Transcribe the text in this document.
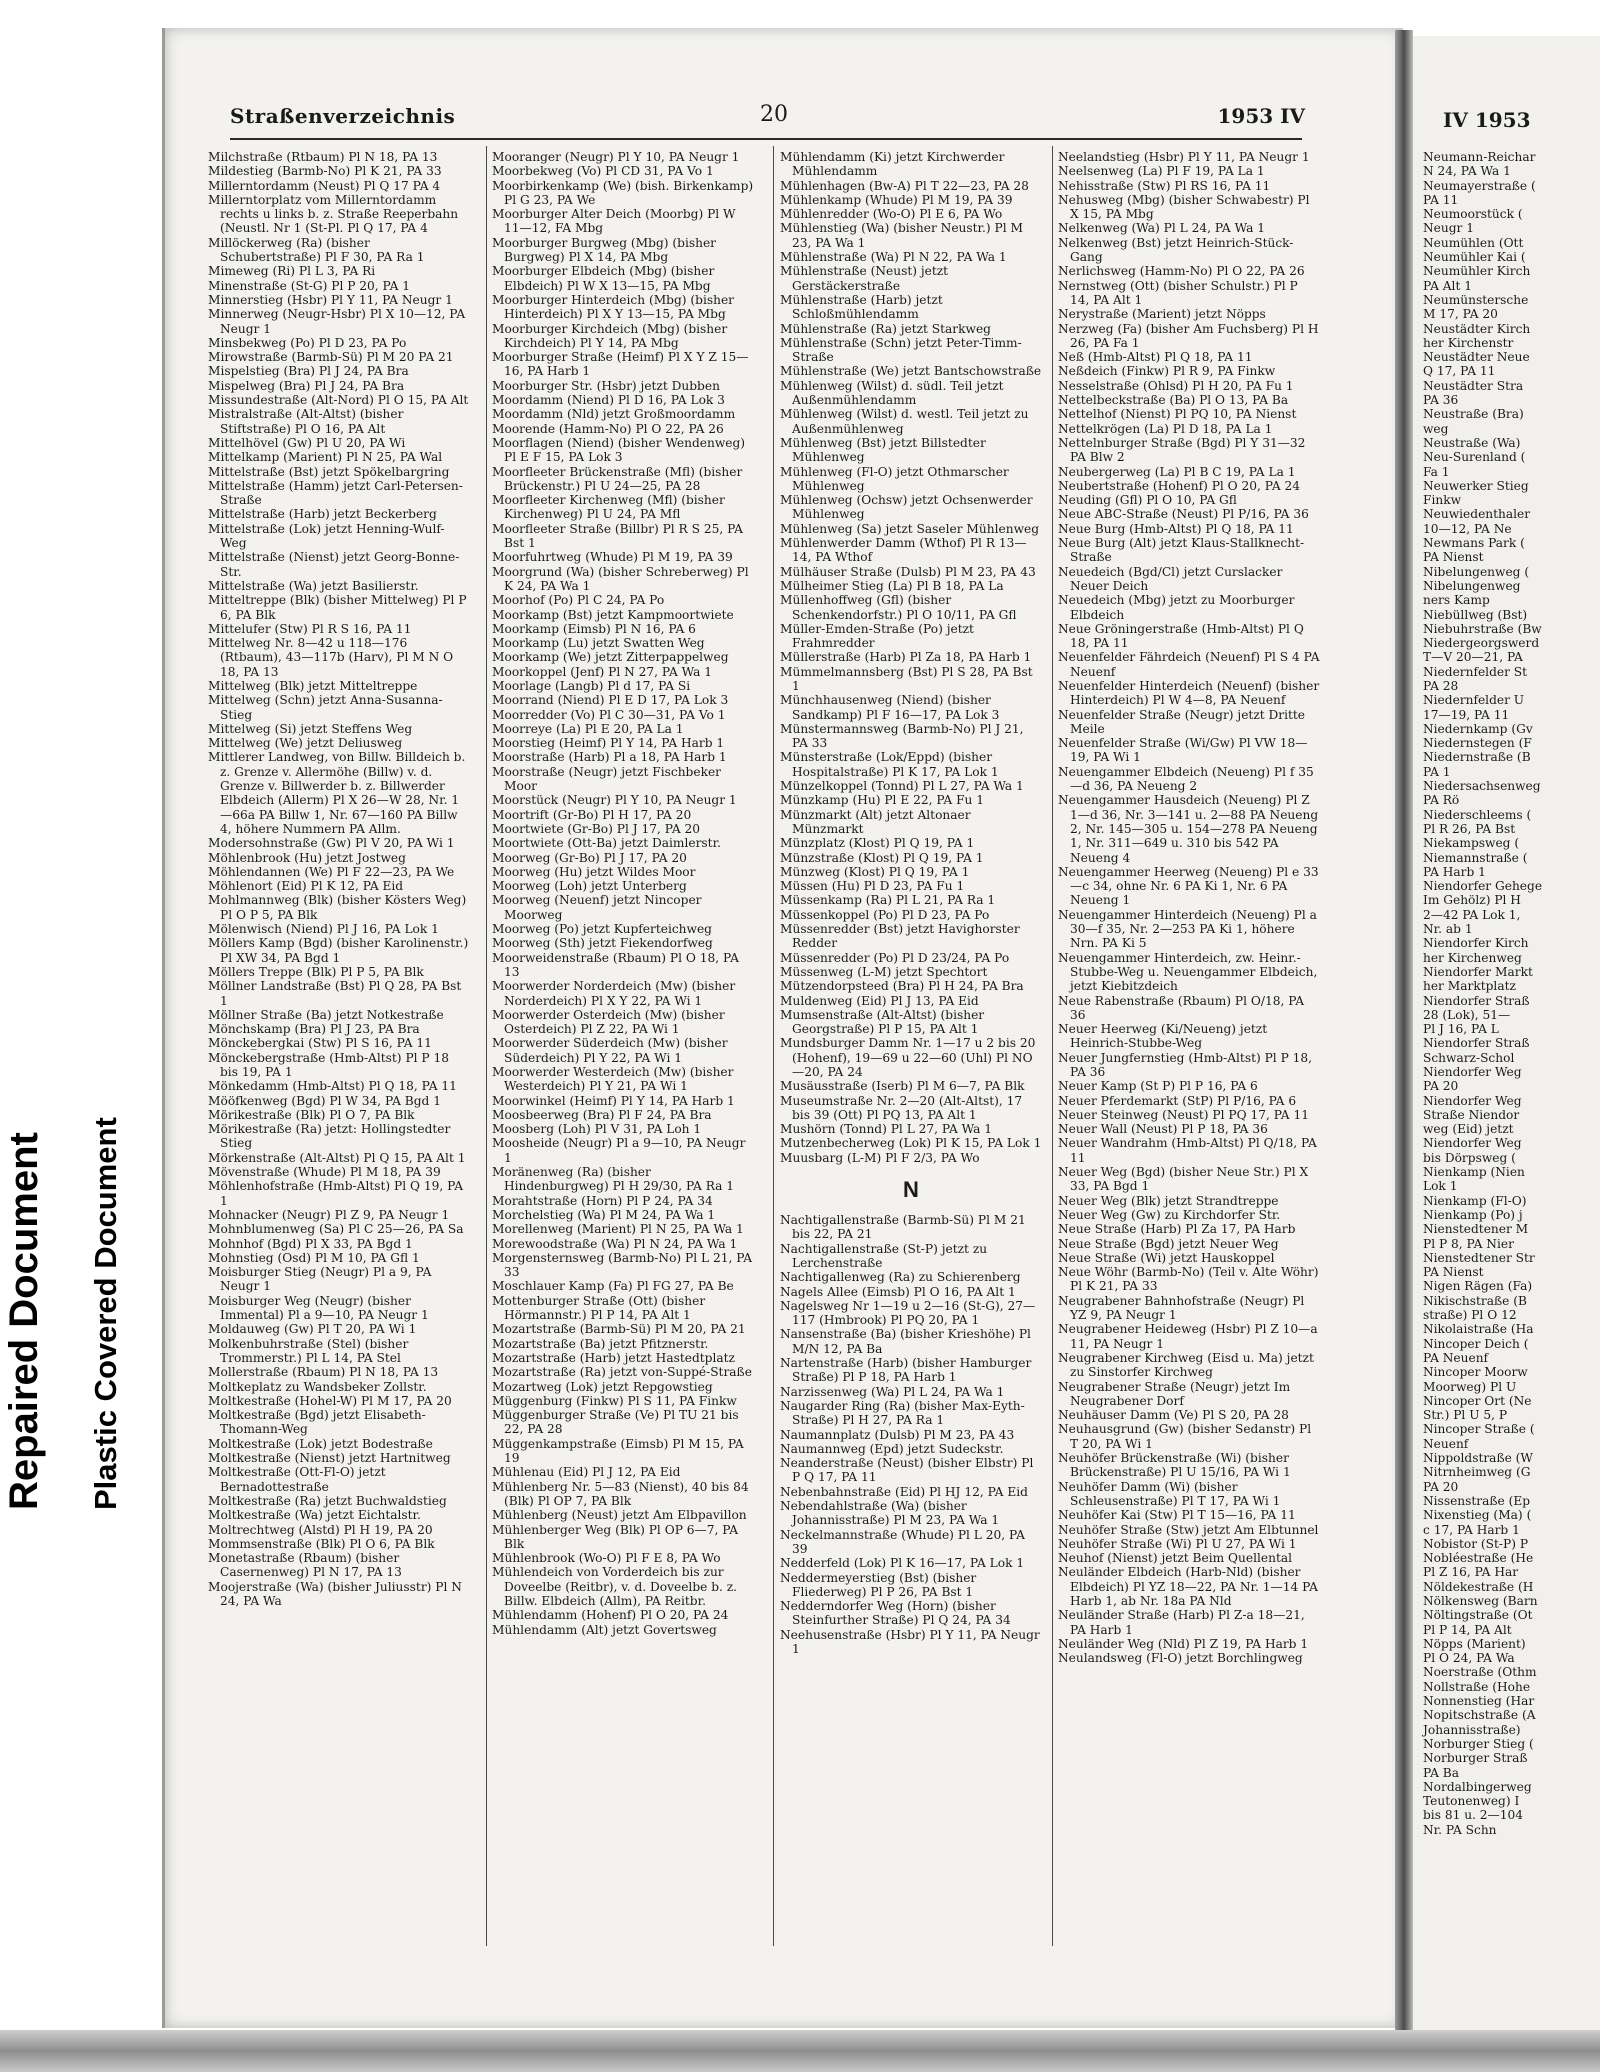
Repaired Document Plastic Covered Document
IV 1953
Neumann-Reichar
N 24, PA Wa 1
Neumayerstraße (
PA 11
Neumoorstück (
Neugr 1
Neumühlen (Ott
Neumühler Kai (
Neumühler Kirch
PA Alt 1
Neumünstersche
M 17, PA 20
Neustädter Kirch
her Kirchenstr
Neustädter Neue
Q 17, PA 11
Neustädter Stra
PA 36
Neustraße (Bra)
weg
Neustraße (Wa)
Neu-Surenland (
Fa 1
Neuwerker Stieg
Finkw
Neuwiedenthaler
10—12, PA Ne
Newmans Park (
PA Nienst
Nibelungenweg (
Nibelungenweg
ners Kamp
Niebüllweg (Bst)
Niebuhrstraße (Bw
Niedergeorgswerd
T—V 20—21, PA
Niedernfelder St
PA 28
Niedernfelder U
17—19, PA 11
Niedernkamp (Gv
Niedernstegen (F
Niedernstraße (B
PA 1
Niedersachsenweg
PA Rö
Niederschleems (
Pl R 26, PA Bst
Niekampsweg (
Niemannstraße (
PA Harb 1
Niendorfer Gehege
Im Gehölz) Pl H
2—42 PA Lok 1,
Nr. ab 1
Niendorfer Kirch
her Kirchenweg
Niendorfer Markt
her Marktplatz
Niendorfer Straß
28 (Lok), 51—
Pl J 16, PA L
Niendorfer Straß
Schwarz-Schol
Niendorfer Weg
PA 20
Niendorfer Weg
Straße Niendor
weg (Eid) jetzt
Niendorfer Weg
bis Dörpsweg (
Nienkamp (Nien
Lok 1
Nienkamp (Fl-O)
Nienkamp (Po) j
Nienstedtener M
Pl P 8, PA Nier
Nienstedtener Str
PA Nienst
Nigen Rägen (Fa)
Nikischstraße (B
straße) Pl O 12
Nikolaistraße (Ha
Nincoper Deich (
PA Neuenf
Nincoper Moorw
Moorweg) Pl U
Nincoper Ort (Ne
Str.) Pl U 5, P
Nincoper Straße (
Neuenf
Nippoldstraße (W
Nitrnheimweg (G
PA 20
Nissenstraße (Ep
Nixenstieg (Ma) (
c 17, PA Harb 1
Nobistor (St-P) P
Nobléestraße (He
Pl Z 16, PA Har
Nöldekestraße (H
Nölkensweg (Barn
Nöltingstraße (Ot
Pl P 14, PA Alt
Nöpps (Marient)
Pl O 24, PA Wa
Noerstraße (Othm
Nollstraße (Hohe
Nonnenstieg (Har
Nopitschstraße (A
Johannisstraße)
Norburger Stieg (
Norburger Straß
PA Ba
Nordalbingerweg
Teutonenweg) I
bis 81 u. 2—104
Nr. PA Schn
Straßenverzeichnis	20	1953 IV
Milchstraße (Rtbaum) Pl N 18, PA 13
Mildestieg (Barmb-No) Pl K 21, PA 33
Millerntordamm (Neust) Pl Q 17 PA 4
Millerntorplatz vom Millerntordamm rechts u links b. z. Straße Reeperbahn (Neustl. Nr 1 (St-Pl. Pl Q 17, PA 4
Millöckerweg (Ra) (bisher Schubertstraße) Pl F 30, PA Ra 1
Mimeweg (Ri) Pl L 3, PA Ri
Minenstraße (St-G) Pl P 20, PA 1
Minnerstieg (Hsbr) Pl Y 11, PA Neugr 1
Minnerweg (Neugr-Hsbr) Pl X 10—12, PA Neugr 1
Minsbekweg (Po) Pl D 23, PA Po
Mirowstraße (Barmb-Sü) Pl M 20 PA 21
Mispelstieg (Bra) Pl J 24, PA Bra
Mispelweg (Bra) Pl J 24, PA Bra
Missundestraße (Alt-Nord) Pl O 15, PA Alt
Mistralstraße (Alt-Altst) (bisher Stiftstraße) Pl O 16, PA Alt
Mittelhövel (Gw) Pl U 20, PA Wi
Mittelkamp (Marient) Pl N 25, PA Wal
Mittelstraße (Bst) jetzt Spökelbargring
Mittelstraße (Hamm) jetzt Carl-Petersen-Straße
Mittelstraße (Harb) jetzt Beckerberg
Mittelstraße (Lok) jetzt Henning-Wulf-Weg
Mittelstraße (Nienst) jetzt Georg-Bonne-Str.
Mittelstraße (Wa) jetzt Basilierstr.
Mitteltreppe (Blk) (bisher Mittelweg) Pl P 6, PA Blk
Mittelufer (Stw) Pl R S 16, PA 11
Mittelweg Nr. 8—42 u 118—176 (Rtbaum), 43—117b (Harv), Pl M N O 18, PA 13
Mittelweg (Blk) jetzt Mitteltreppe
Mittelweg (Schn) jetzt Anna-Susanna-Stieg
Mittelweg (Si) jetzt Steffens Weg
Mittelweg (We) jetzt Deliusweg
Mittlerer Landweg, von Billw. Billdeich b. z. Grenze v. Allermöhe (Billw) v. d. Grenze v. Billwerder b. z. Billwerder Elbdeich (Allerm) Pl X 26—W 28, Nr. 1—66a PA Billw 1, Nr. 67—160 PA Billw 4, höhere Nummern PA Allm.
Modersohnstraße (Gw) Pl V 20, PA Wi 1
Möhlenbrook (Hu) jetzt Jostweg
Möhlendannen (We) Pl F 22—23, PA We
Möhlenort (Eid) Pl K 12, PA Eid
Mohlmannweg (Blk) (bisher Kösters Weg) Pl O P 5, PA Blk
Mölenwisch (Niend) Pl J 16, PA Lok 1
Möllers Kamp (Bgd) (bisher Karolinenstr.) Pl XW 34, PA Bgd 1
Möllers Treppe (Blk) Pl P 5, PA Blk
Möllner Landstraße (Bst) Pl Q 28, PA Bst 1
Möllner Straße (Ba) jetzt Notkestraße
Mönchskamp (Bra) Pl J 23, PA Bra
Möncke̲bergkai (Stw) Pl S 16, PA 11
Mönckebergstraße (Hmb-Altst) Pl P 18 bis 19, PA 1
Mönkedamm (Hmb-Altst) Pl Q 18, PA 11
Mööfkenweg (Bgd) Pl W 34, PA Bgd 1
Mörikestraße (Blk) Pl O 7, PA Blk
Mörikestraße (Ra) jetzt: Hollingstedter Stieg
Mörkenstraße (Alt-Altst) Pl Q 15, PA Alt 1
Mövenstraße (Whude) Pl M 18, PA 39
Möhlenhofstraße (Hmb-Altst) Pl Q 19, PA 1
Mohnacker (Neugr) Pl Z 9, PA Neugr 1
Mohnblumenweg (Sa) Pl C 25—26, PA Sa
Mohnhof (Bgd) Pl X 33, PA Bgd 1
Mohnstieg (Osd) Pl M 10, PA Gfl 1
Moisburger Stieg (Neugr) Pl a 9, PA Neugr 1
Moisburger Weg (Neugr) (bisher Immental) Pl a 9—10, PA Neugr 1
Moldauweg (Gw) Pl T 20, PA Wi 1
Molkenbuhrstraße (Stel) (bisher Trommerstr.) Pl L 14, PA Stel
Mollerstraße (Rbaum) Pl N 18, PA 13
Moltkeplatz zu Wandsbeker Zollstr.
Moltkestraße (Hohel-W) Pl M 17, PA 20
Moltkestraße (Bgd) jetzt Elisabeth-Thomann-Weg
Moltkestraße (Lok) jetzt Bodestraße
Moltkestraße (Nienst) jetzt Hartnitweg
Moltkestraße (Ott-Fl-O) jetzt Bernadottestraße
Moltkestraße (Ra) jetzt Buchwaldstieg
Moltkestraße (Wa) jetzt Eichtalstr.
Moltrechtweg (Alstd) Pl H 19, PA 20
Mommsenstraße (Blk) Pl O 6, PA Blk
Monetastraße (Rbaum) (bisher Casernenweg) Pl N 17, PA 13
Moojerstraße (Wa) (bisher Juliusstr) Pl N 24, PA Wa
Mooranger (Neugr) Pl Y 10, PA Neugr 1
Moorbekweg (Vo) Pl CD 31, PA Vo 1
Moorbirkenkamp (We) (bish. Birkenkamp) Pl G 23, PA We
Moorburger Alter Deich (Moorbg) Pl W 11—12, FA Mbg
Moorburger Burgweg (Mbg) (bisher Burgweg) Pl X 14, PA Mbg
Moorburger Elbdeich (Mbg) (bisher Elbdeich) Pl W X 13—15, PA Mbg
Moorburger Hinterdeich (Mbg) (bisher Hinterdeich) Pl X Y 13—15, PA Mbg
Moorburger Kirchdeich (Mbg) (bisher Kirchdeich) Pl Y 14, PA Mbg
Moorburger Straße (Heimf) Pl X Y Z 15—16, PA Harb 1
Moorburger Str. (Hsbr) jetzt Dubben
Moordamm (Niend) Pl D 16, PA Lok 3
Moordamm (Nld) jetzt Großmoordamm
Moorende (Hamm-No) Pl O 22, PA 26
Moorflagen (Niend) (bisher Wendenweg) Pl E F 15, PA Lok 3
Moorfleeter Brückenstraße (Mfl) (bisher Brückenstr.) Pl U 24—25, PA 28
Moorfleeter Kirchenweg (Mfl) (bisher Kirchenweg) Pl U 24, PA Mfl
Moorfleeter Straße (Billbr) Pl R S 25, PA Bst 1
Moorfuhrtweg (Whude) Pl M 19, PA 39
Moorgrund (Wa) (bisher Schreberweg) Pl K 24, PA Wa 1
Moorhof (Po) Pl C 24, PA Po
Moorkamp (Bst) jetzt Kampmoortwiete
Moorkamp (Eimsb) Pl N 16, PA 6
Moorkamp (Lu) jetzt Swatten Weg
Moorkamp (We) jetzt Zitterpappelweg
Moorkoppel (Jenf) Pl N 27, PA Wa 1
Moorlage (Langb) Pl d 17, PA Si
Moorrand (Niend) Pl E D 17, PA Lok 3
Moorredder (Vo) Pl C 30—31, PA Vo 1
Moorreye (La) Pl E 20, PA La 1
Moorstieg (Heimf) Pl Y 14, PA Harb 1
Moorstraße (Harb) Pl a 18, PA Harb 1
Moorstraße (Neugr) jetzt Fischbeker Moor
Moorstück (Neugr) Pl Y 10, PA Neugr 1
Moortrift (Gr-Bo) Pl H 17, PA 20
Moortwiete (Gr-Bo) Pl J 17, PA 20
Moortwiete (Ott-Ba) jetzt Daimlerstr.
Moorweg (Gr-Bo) Pl J 17, PA 20
Moorweg (Hu) jetzt Wildes Moor
Moorweg (Loh) jetzt Unterberg
Moorweg (Neuenf) jetzt Nincoper Moorweg
Moorweg (Po) jetzt Kupferteichweg
Moorweg (Sth) jetzt Fiekendorfweg
Moorweidenstraße (Rbaum) Pl O 18, PA 13
Moorwerder Norderdeich (Mw) (bisher Norderdeich) Pl X Y 22, PA Wi 1
Moorwerder Osterdeich (Mw) (bisher Osterdeich) Pl Z 22, PA Wi 1
Moorwerder Süderdeich (Mw) (bisher Süderdeich) Pl Y 22, PA Wi 1
Moorwerder Westerdeich (Mw) (bisher Westerdeich) Pl Y 21, PA Wi 1
Moorwinkel (Heimf) Pl Y 14, PA Harb 1
Moosbeerweg (Bra) Pl F 24, PA Bra
Moosberg (Loh) Pl V 31, PA Loh 1
Moosheide (Neugr) Pl a 9—10, PA Neugr 1
Moränenweg (Ra) (bisher Hindenburgweg) Pl H 29/30, PA Ra 1
Morahtstraße (Horn) Pl P 24, PA 34
Morchelstieg (Wa) Pl M 24, PA Wa 1
Morellenweg (Marient) Pl N 25, PA Wa 1
Morewoodstraße (Wa) Pl N 24, PA Wa 1
Morgensternsweg (Barmb-No) Pl L 21, PA 33
Moschlauer Kamp (Fa) Pl FG 27, PA Be
Mottenburger Straße (Ott) (bisher Hörmannstr.) Pl P 14, PA Alt 1
Mozartstraße (Barmb-Sü) Pl M 20, PA 21
Mozartstraße (Ba) jetzt Pfitznerstr.
Mozartstraße (Harb) jetzt Hastedtplatz
Mozartstraße (Ra) jetzt von-Suppé-Straße
Mozartweg (Lok) jetzt Repgowstieg
Müggenburg (Finkw) Pl S 11, PA Finkw
Müggenburger Straße (Ve) Pl TU 21 bis 22, PA 28
Müggenkampstraße (Eimsb) Pl M 15, PA 19
Mühlenau (Eid) Pl J 12, PA Eid
Mühlenberg Nr. 5—83 (Nienst), 40 bis 84 (Blk) Pl OP 7, PA Blk
Mühlenberg (Neust) jetzt Am Elbpavillon
Mühlenberger Weg (Blk) Pl OP 6—7, PA Blk
Mühlenbrook (Wo-O) Pl F E 8, PA Wo
Mühlendeich von Vorderdeich bis zur Doveelbe (Reitbr), v. d. Doveelbe b. z. Billw. Elbdeich (Allm), PA Reitbr.
Mühlendamm (Hohenf) Pl O 20, PA 24
Mühlendamm (Alt) jetzt Govertsweg
Mühlendamm (Ki) jetzt Kirchwerder Mühlendamm
Mühlenhagen (Bw-A) Pl T 22—23, PA 28
Mühlenkamp (Whude) Pl M 19, PA 39
Mühlenredder (Wo-O) Pl E 6, PA Wo
Mühlenstieg (Wa) (bisher Neustr.) Pl M 23, PA Wa 1
Mühlenstraße (Wa) Pl N 22, PA Wa 1
Mühlenstraße (Neust) jetzt Gerstäckerstraße
Mühlenstraße (Harb) jetzt Schloßmühlendamm
Mühlenstraße (Ra) jetzt Starkweg
Mühlenstraße (Schn) jetzt Peter-Timm-Straße
Mühlenstraße (We) jetzt Bantschowstraße
Mühlenweg (Wilst) d. südl. Teil jetzt Außenmühlendamm
Mühlenweg (Wilst) d. westl. Teil jetzt zu Außenmühlenweg
Mühlenweg (Bst) jetzt Billstedter Mühlenweg
Mühlenweg (Fl-O) jetzt Othmarscher Mühlenweg
Mühlenweg (Ochsw) jetzt Ochsenwerder Mühlenweg
Mühlenweg (Sa) jetzt Saseler Mühlenweg
Mühlenwerder Damm (Wthof) Pl R 13—14, PA Wthof
Mülhäuser Straße (Dulsb) Pl M 23, PA 43
Mülheimer Stieg (La) Pl B 18, PA La
Müllenhoffweg (Gfl) (bisher Schenkendorfstr.) Pl O 10/11, PA Gfl
Müller-Emden-Straße (Po) jetzt Frahmredder
Müllerstraße (Harb) Pl Za 18, PA Harb 1
Mümmelmannsberg (Bst) Pl S 28, PA Bst 1
Münchhausenweg (Niend) (bisher Sandkamp) Pl F 16—17, PA Lok 3
Münstermannsweg (Barmb-No) Pl J 21, PA 33
Münsterstraße (Lok/Eppd) (bisher Hospitalstraße) Pl K 17, PA Lok 1
Münzelkoppel (Tonnd) Pl L 27, PA Wa 1
Münzkamp (Hu) Pl E 22, PA Fu 1
Münzmarkt (Alt) jetzt Altonaer Münzmarkt
Münzplatz (Klost) Pl Q 19, PA 1
Münzstraße (Klost) Pl Q 19, PA 1
Münzweg (Klost) Pl Q 19, PA 1
Müssen (Hu) Pl D 23, PA Fu 1
Müssenkamp (Ra) Pl L 21, PA Ra 1
Müssenkoppel (Po) Pl D 23, PA Po
Müssenredder (Bst) jetzt Havighorster Redder
Müssenredder (Po) Pl D 23/24, PA Po
Müssenweg (L-M) jetzt Spechtort
Mützendorpsteed (Bra) Pl H 24, PA Bra
Muldenweg (Eid) Pl J 13, PA Eid
Mumsenstraße (Alt-Altst) (bisher Georgstraße) Pl P 15, PA Alt 1
Mundsburger Damm Nr. 1—17 u 2 bis 20 (Hohenf), 19—69 u 22—60 (Uhl) Pl NO —20, PA 24
Musäusstraße (Iserb) Pl M 6—7, PA Blk
Museumstraße Nr. 2—20 (Alt-Altst), 17 bis 39 (Ott) Pl PQ 13, PA Alt 1
Mushörn (Tonnd) Pl L 27, PA Wa 1
Mutzenbecherweg (Lok) Pl K 15, PA Lok 1
Muusbarg (L-M) Pl F 2/3, PA Wo
N
Nachtigallenstraße (Barmb-Sü) Pl M 21 bis 22, PA 21
Nachtigallenstraße (St-P) jetzt zu Lerchenstraße
Nachtigallenweg (Ra) zu Schierenberg
Nagels Allee (Eimsb) Pl O 16, PA Alt 1
Nagelsweg Nr 1—19 u 2—16 (St-G), 27—117 (Hmbrook) Pl PQ 20, PA 1
Nansenstraße (Ba) (bisher Krieshöhe) Pl M/N 12, PA Ba
Nartenstraße (Harb) (bisher Hamburger Straße) Pl P 18, PA Harb 1
Narzissenweg (Wa) Pl L 24, PA Wa 1
Naugarder Ring (Ra) (bisher Max-Eyth-Straße) Pl H 27, PA Ra 1
Naumannplatz (Dulsb) Pl M 23, PA 43
Naumannweg (Epd) jetzt Sudeckstr.
Neanderstraße (Neust) (bisher Elbstr) Pl P Q 17, PA 11
Nebenbahnstraße (Eid) Pl HJ 12, PA Eid
Nebendahlstraße (Wa) (bisher Johannisstraße) Pl M 23, PA Wa 1
Neckelmannstraße (Whude) Pl L 20, PA 39
Nedderfeld (Lok) Pl K 16—17, PA Lok 1
Neddermeyerstieg (Bst) (bisher Fliederweg) Pl P 26, PA Bst 1
Nedderndorfer Weg (Horn) (bisher Steinfurther Straße) Pl Q 24, PA 34
Neehusenstraße (Hsbr) Pl Y 11, PA Neugr 1
Neelandstieg (Hsbr) Pl Y 11, PA Neugr 1
Neelsenweg (La) Pl F 19, PA La 1
Nehisstraße (Stw) Pl RS 16, PA 11
Nehusweg (Mbg) (bisher Schwabestr) Pl X 15, PA Mbg
Nelkenweg (Wa) Pl L 24, PA Wa 1
Nelkenweg (Bst) jetzt Heinrich-Stück-Gang
Nerlichsweg (Hamm-No) Pl O 22, PA 26
Nernstweg (Ott) (bisher Schulstr.) Pl P 14, PA Alt 1
Nerystraße (Marient) jetzt Nöpps
Nerzweg (Fa) (bisher Am Fuchsberg) Pl H 26, PA Fa 1
Neß (Hmb-Altst) Pl Q 18, PA 11
Neßdeich (Finkw) Pl R 9, PA Finkw
Nesselstraße (Ohlsd) Pl H 20, PA Fu 1
Nettelbeckstraße (Ba) Pl O 13, PA Ba
Nettelhof (Nienst) Pl PQ 10, PA Nienst
Nettelkrögen (La) Pl D 18, PA La 1
Nettelnburger Straße (Bgd) Pl Y 31—32 PA Blw 2
Neubergerweg (La) Pl B C 19, PA La 1
Neubertstraße (Hohenf) Pl O 20, PA 24
Neuding (Gfl) Pl O 10, PA Gfl
Neue ABC-Straße (Neust) Pl P/16, PA 36
Neue Burg (Hmb-Altst) Pl Q 18, PA 11
Neue Burg (Alt) jetzt Klaus-Stallknecht-Straße
Neuedeich (Bgd/Cl) jetzt Curslacker Neuer Deich
Neuedeich (Mbg) jetzt zu Moorburger Elbdeich
Neue Gröningerstraße (Hmb-Altst) Pl Q 18, PA 11
Neuenfelder Fährdeich (Neuenf) Pl S 4 PA Neuenf
Neuenfelder Hinterdeich (Neuenf) (bisher Hinterdeich) Pl W 4—8, PA Neuenf
Neuenfelder Straße (Neugr) jetzt Dritte Meile
Neuenfelder Straße (Wi/Gw) Pl VW 18—19, PA Wi 1
Neuengammer Elbdeich (Neueng) Pl f 35—d 36, PA Neueng 2
Neuengammer Hausdeich (Neueng) Pl Z 1—d 36, Nr. 3—141 u. 2—88 PA Neueng 2, Nr. 145—305 u. 154—278 PA Neueng 1, Nr. 311—649 u. 310 bis 542 PA Neueng 4
Neuengammer Heerweg (Neueng) Pl e 33—c 34, ohne Nr. 6 PA Ki 1, Nr. 6 PA Neueng 1
Neuengammer Hinterdeich (Neueng) Pl a 30—f 35, Nr. 2—253 PA Ki 1, höhere Nrn. PA Ki 5
Neuengammer Hinterdeich, zw. Heinr.-Stubbe-Weg u. Neuengammer Elbdeich, jetzt Kiebitzdeich
Neue Rabenstraße (Rbaum) Pl O/18, PA 36
Neuer Heerweg (Ki/Neueng) jetzt Heinrich-Stubbe-Weg
Neuer Jungfernstieg (Hmb-Altst) Pl P 18, PA 36
Neuer Kamp (St P) Pl P 16, PA 6
Neuer Pferdemarkt (StP) Pl P/16, PA 6
Neuer Steinweg (Neust) Pl PQ 17, PA 11
Neuer Wall (Neust) Pl P 18, PA 36
Neuer Wandrahm (Hmb-Altst) Pl Q/18, PA 11
Neuer Weg (Bgd) (bisher Neue Str.) Pl X 33, PA Bgd 1
Neuer Weg (Blk) jetzt Strandtreppe
Neuer Weg (Gw) zu Kirchdorfer Str.
Neue Straße (Harb) Pl Za 17, PA Harb
Neue Straße (Bgd) jetzt Neuer Weg
Neue Straße (Wi) jetzt Hauskoppel
Neue Wöhr (Barmb-No) (Teil v. Alte Wöhr) Pl K 21, PA 33
Neugrabener Bahnhofstraße (Neugr) Pl YZ 9, PA Neugr 1
Neugrabener Heideweg (Hsbr) Pl Z 10—a 11, PA Neugr 1
Neugrabener Kirchweg (Eisd u. Ma) jetzt zu Sinstorfer Kirchweg
Neugrabener Straße (Neugr) jetzt Im Neugrabener Dorf
Neuhäuser Damm (Ve) Pl S 20, PA 28
Neuhausgrund (Gw) (bisher Sedanstr) Pl T 20, PA Wi 1
Neuhöfer Brückenstraße (Wi) (bisher Brückenstraße) Pl U 15/16, PA Wi 1
Neuhöfer Damm (Wi) (bisher Schleusenstraße) Pl T 17, PA Wi 1
Neuhöfer Kai (Stw) Pl T 15—16, PA 11
Neuhöfer Straße (Stw) jetzt Am Elbtunnel
Neuhöfer Straße (Wi) Pl U 27, PA Wi 1
Neuhof (Nienst) jetzt Beim Quellental
Neuländer Elbdeich (Harb-Nld) (bisher Elbdeich) Pl YZ 18—22, PA Nr. 1—14 PA Harb 1, ab Nr. 18a PA Nld
Neuländer Straße (Harb) Pl Z-a 18—21, PA Harb 1
Neuländer Weg (Nld) Pl Z 19, PA Harb 1
Neulandsweg (Fl-O) jetzt Borchlingweg
